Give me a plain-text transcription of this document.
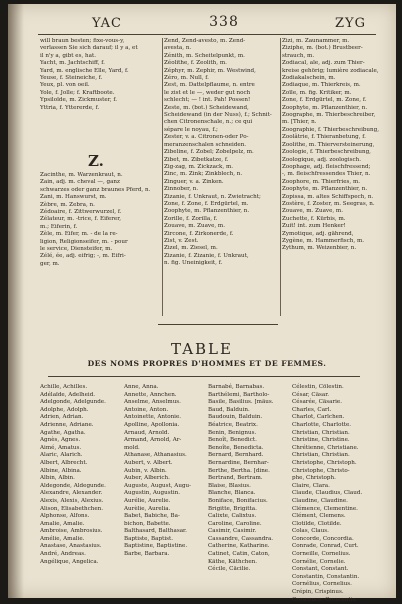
YAC	338	ZYG
will braun besten; fixe-vous-y,
verlassen Sie sich darauf; il y a, et
il n'y a, gibt es, hat.
Yacht, m. Jachtschiff, f.
Yard, m. englische Elle, Yard, f.
Yeuse, f. Steineiche, f.
Yeux, pl. von oeil.
Yole, f. Jolle; f. Kraftboote.
Ypsiloïde, m. Zickmuster, f.
Yttria, f. Yttererde, f.
Z.
Zacinthe, m. Warzenkraut, n.
Zain, adj. m. cheval —, ganz
schwarzes oder ganz braunes Pferd, n.
Zani, m. Hanswurst, m.
Zèbre, m. Zebra, n.
Zédoaire, f. Zittwerwurzel, f.
Zélateur, m. -trice, f. Eiferer,
m.; Eiferin, f.
Zèle, m. Eifer, m. - de la re-
ligion, Religionseifer, m. - pour
le service, Diensteifer, m.
Zélé, ée, adj. eifrig; -, m. Eifri-
ger, m.
Zend, Zend-avesto, m. Zend-
avesta, n.
Zénith, m. Scheitelpunkt, m.
Zéolithe, f. Zeolith, m.
Zéphyr, m. Zephir, m. Westwind,
Zéro, m. Null, f.
Zest, m. Dattelpflaume, n. entre
le zist et le —, weder gut noch
schlecht; — ! int. Pah! Possen!
Zeste, m. (bot.) Scheidewand,
Scheidewand (in der Nuss), f.; Schnit-
chen Citronenschale, n.; ce qui
sépare le noyau, f.;
Zester, v. a. Citronen-oder Po-
meranzenschalen schneiden.
Zibeline, f. Zobel; Zobelpelz, m.
Zibet, m. Zibetkatze, f.
Zig-zag, m. Zickzack, m.
Zinc, m. Zink; Zinkblech, n.
Zinguer, v. a. Zinken.
Zinnober, n.
Zizanie, f. Unkraut, n. Zwietracht;
Zone, f. Zone, f. Erdgürtel, m.
Zoophyte, m. Pflanzenthier, n.
Zorille, f. Zorilla, f.
Zouave, m. Zuave, m.
Zircone, f. Zirkonerde, f.
Zist, v. Zest.
Zizel, m. Ziesel, m.
Zizanie, f. Zizanie, f. Unkraut,
n. fig. Uneinigkeit, f.
Zizi, m. Zaunammer, m.
Ziziphe, m. (bot.) Brustbeer-
strauch, m.
Zodiacal, ale, adj. zum Thier-
kreise gehörig; lumière zodiacale,
Zodiakalschein, m.
Zodiaque, m. Thierkreis, m.
Zoïle, m. fig. Kritiker, m.
Zone, f. Erdgürtel, m. Zone, f.
Zoophyte, m. Pflanzenthier, n.
Zoographe, m. Thierbeschreiber,
m. [Thier, n.
Zoographie, f. Thierbeschreibung,
Zoolâtrie, f. Thieranbetung, f.
Zoolithe, m. Thierversteinerung,
Zoologie, f. Thierbeschreibung,
Zoologique, adj. zoologisch.
Zoophage, adj. fleischfressend;
-, m. fleischfressendes Thier, n.
Zoophore, m. Thierfries, m.
Zoophyte, m. Pflanzenthier, n.
Zopissa, m. altes Schiffspech, n.
Zostère, f. Zoster, m. Seegras, n.
Zouave, m. Zuave, m.
Zuchette, f. Kürbis, m.
Zuit! int. zum Henker!
Zymotique, adj. gährend,
Zygène, m. Hammerfisch, m.
Zythum, m. Weizenbier, n.
TABLE
DES NOMS PROPRES D'HOMMES ET DE FEMMES.
Achille, Achilles.
Adélaïde, Adelheid.
Adelgonde, Adelgunde.
Adolphe, Adolph.
Adrien, Adrian.
Adrienne, Adriane.
Agathe, Agatha.
Agnès, Agnes.
Aimé, Amatus.
Alaric, Alarich.
Albert, Albrecht.
Albine, Albina.
Albin, Albin.
Aldegonde, Aldegunde.
Alexandre, Alexander.
Alexis, Alexis, Alexius.
Alison, Elisabethchen.
Alphonse, Alfons.
Amalie, Amalie.
Ambroise, Ambrosius.
Amélie, Amalie.
Anastase, Anastasius.
André, Andreas.
Angélique, Angelica.
Anne, Anna.
Annette, Annchen.
Anselme, Anselmus.
Antoine, Anton.
Antoinette, Antonie.
Apolline, Apollonia.
Arnaud, Arnold.
Armand, Arnold, Ar-
mold.
Athanase, Athanasius.
Aubert, v. Albert.
Aubin, v. Albin.
Auber, Alberich.
Auguste, August, Augu-
Augustin, Augustin.
Aurélie, Aurelie.
Aurèlie, Aurelia.
Babet, Babiche, Ba-
bichon, Babette.
Balthasard, Balthasar.
Baptiste, Baptist.
Baptistine, Baptistine.
Barbe, Barbara.
Barnabé, Barnabas.
Barthélemi, Bartholo-
Basile, Basilius. [mäus.
Baud, Balduin.
Baudouin, Balduin.
Béatrice, Beatrix.
Benin, Benignus.
Benoît, Benedict.
Benoîte, Benedicta.
Bernard, Bernhard.
Bernardine, Bernhar-
Berthe, Bertha. [dine.
Bertrand, Bertram.
Blaise, Blasius.
Blanche, Blanca.
Boniface, Bonifacius.
Brigitte, Brigitta.
Calixte, Calixtus.
Caroline, Caroline.
Casimir, Casimir.
Cassandre, Cassandra.
Catherine, Katharine.
Catinet, Catin, Caton,
Käthe, Käthchen.
Cécile, Cäcilie.
Célestin, Cölestin.
César, Cäsar.
Césarée, Cäsarie.
Charles, Carl.
Charlot, Carlchen.
Charlotte, Charlotte.
Christian, Christian.
Christine, Christine.
Chrétienne, Christiane.
Christian, Christian.
Christophe, Christoph.
Christophe, Christo-
phe, Christoph.
Claire, Clara.
Claude, Claudius, Claud.
Claudine, Claudine.
Clémence, Clementine.
Clément, Clemens.
Clotilde, Clotilde.
Colas, Claus.
Concorde, Concordia.
Conrade, Conrad, Curt.
Corneille, Cornelius.
Cornélie, Cornelie.
Constant, Constant.
Constantin, Constantin.
Cornélius, Cornelius.
Crépin, Crispinus.
Crescence, Crescentia.
